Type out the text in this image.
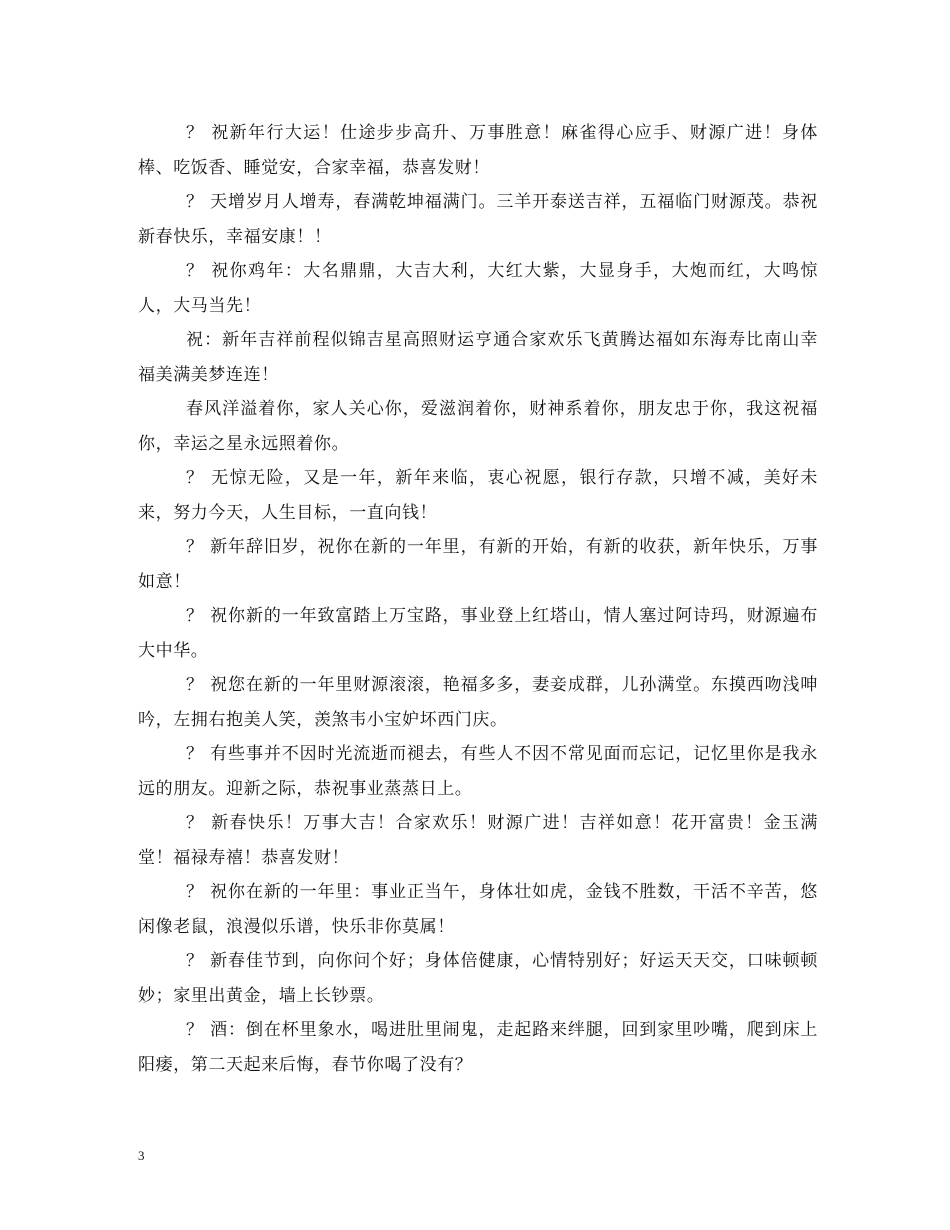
？ 祝新年行大运！仕途步步高升、万事胜意！麻雀得心应手、财源广进！身体棒、吃饭香、睡觉安，合家幸福，恭喜发财！

？ 天增岁月人增寿，春满乾坤福满门。三羊开泰送吉祥，五福临门财源茂。恭祝新春快乐，幸福安康！！

？ 祝你鸡年：大名鼎鼎，大吉大利，大红大紫，大显身手，大炮而红，大鸣惊人，大马当先！

祝：新年吉祥前程似锦吉星高照财运亨通合家欢乐飞黄腾达福如东海寿比南山幸福美满美梦连连！

春风洋溢着你，家人关心你，爱滋润着你，财神系着你，朋友忠于你，我这祝福你，幸运之星永远照着你。

？ 无惊无险，又是一年，新年来临，衷心祝愿，银行存款，只增不减，美好未来，努力今天，人生目标，一直向钱！

？ 新年辞旧岁，祝你在新的一年里，有新的开始，有新的收获，新年快乐，万事如意！

？ 祝你新的一年致富踏上万宝路，事业登上红塔山，情人塞过阿诗玛，财源遍布大中华。

？ 祝您在新的一年里财源滚滚，艳福多多，妻妾成群，儿孙满堂。东摸西吻浅呻吟，左拥右抱美人笑，羡煞韦小宝妒坏西门庆。

？ 有些事并不因时光流逝而褪去，有些人不因不常见面而忘记，记忆里你是我永远的朋友。迎新之际，恭祝事业蒸蒸日上。

？ 新春快乐！万事大吉！合家欢乐！财源广进！吉祥如意！花开富贵！金玉满堂！福禄寿禧！恭喜发财！

？ 祝你在新的一年里：事业正当午，身体壮如虎，金钱不胜数，干活不辛苦，悠闲像老鼠，浪漫似乐谱，快乐非你莫属！

？ 新春佳节到，向你问个好；身体倍健康，心情特别好；好运天天交，口味顿顿妙；家里出黄金，墙上长钞票。

？ 酒：倒在杯里象水，喝进肚里闹鬼，走起路来绊腿，回到家里吵嘴，爬到床上阳痿，第二天起来后悔，春节你喝了没有？

3
